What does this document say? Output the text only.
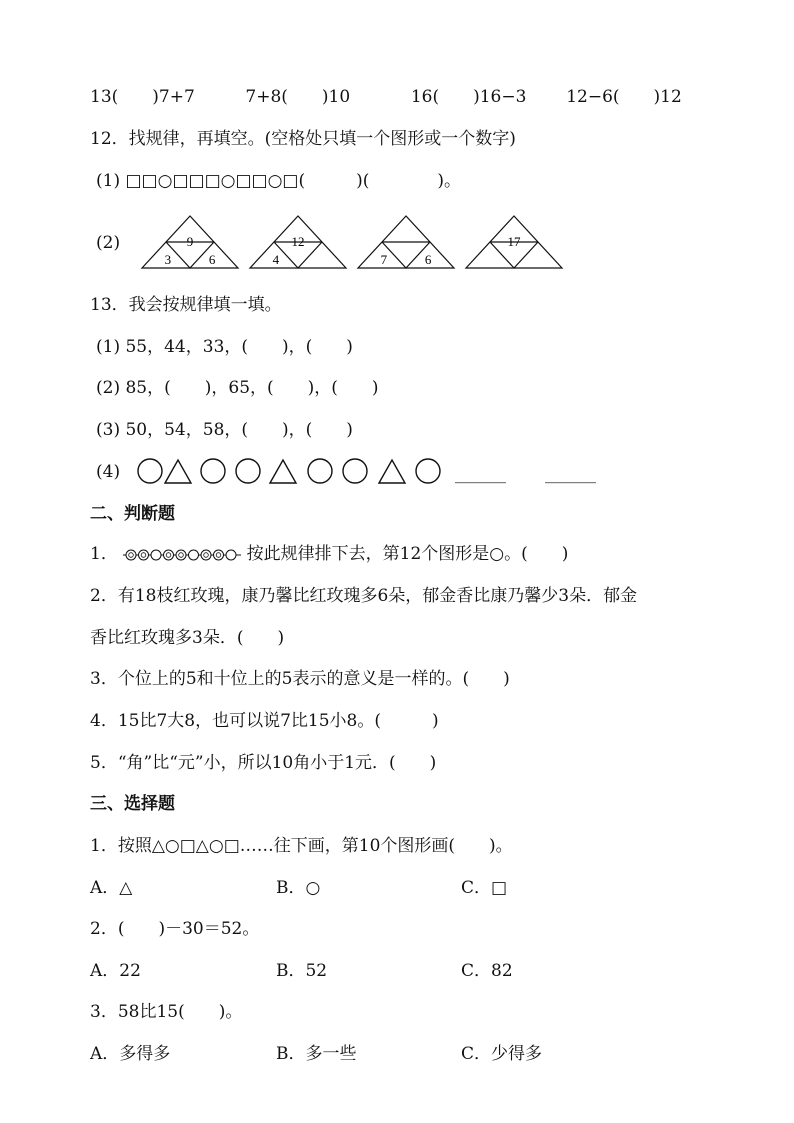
13(　　)7+7	7+8(　　)10	16(　　)16−3 12−6(　　)12
12．找规律，再填空。(空格处只填一个图形或一个数字)
(1) □□○□□□○□□○□(　　　)(　　　　)。
(2)	9
3	6
12
4	7	6
17
13．我会按规律填一填。
(1) 55，44，33，(　　)，(　　)
(2) 85，(　　)，65，(　　)，(　　)
(3) 50，54，58，(　　)，(　　)
(4)	______ ______
二、判断题
1．	按此规律排下去，第12个图形是○。(　　)
2．有18枝红玫瑰，康乃馨比红玫瑰多6朵，郁金香比康乃馨少3朵．郁金
香比红玫瑰多3朵．(　　)
3．个位上的5和十位上的5表示的意义是一样的。(　　)
4．15比7大8，也可以说7比15小8。(　　　)
5．“角”比“元”小，所以10角小于1元．(　　)
三、选择题
1．按照△○□△○□……往下画，第10个图形画(　　)。
A．△	B．○	C．□
2．(　　)－30＝52。
A．22	B．52	C．82
3．58比15(　　)。
A．多得多	B．多一些	C．少得多
